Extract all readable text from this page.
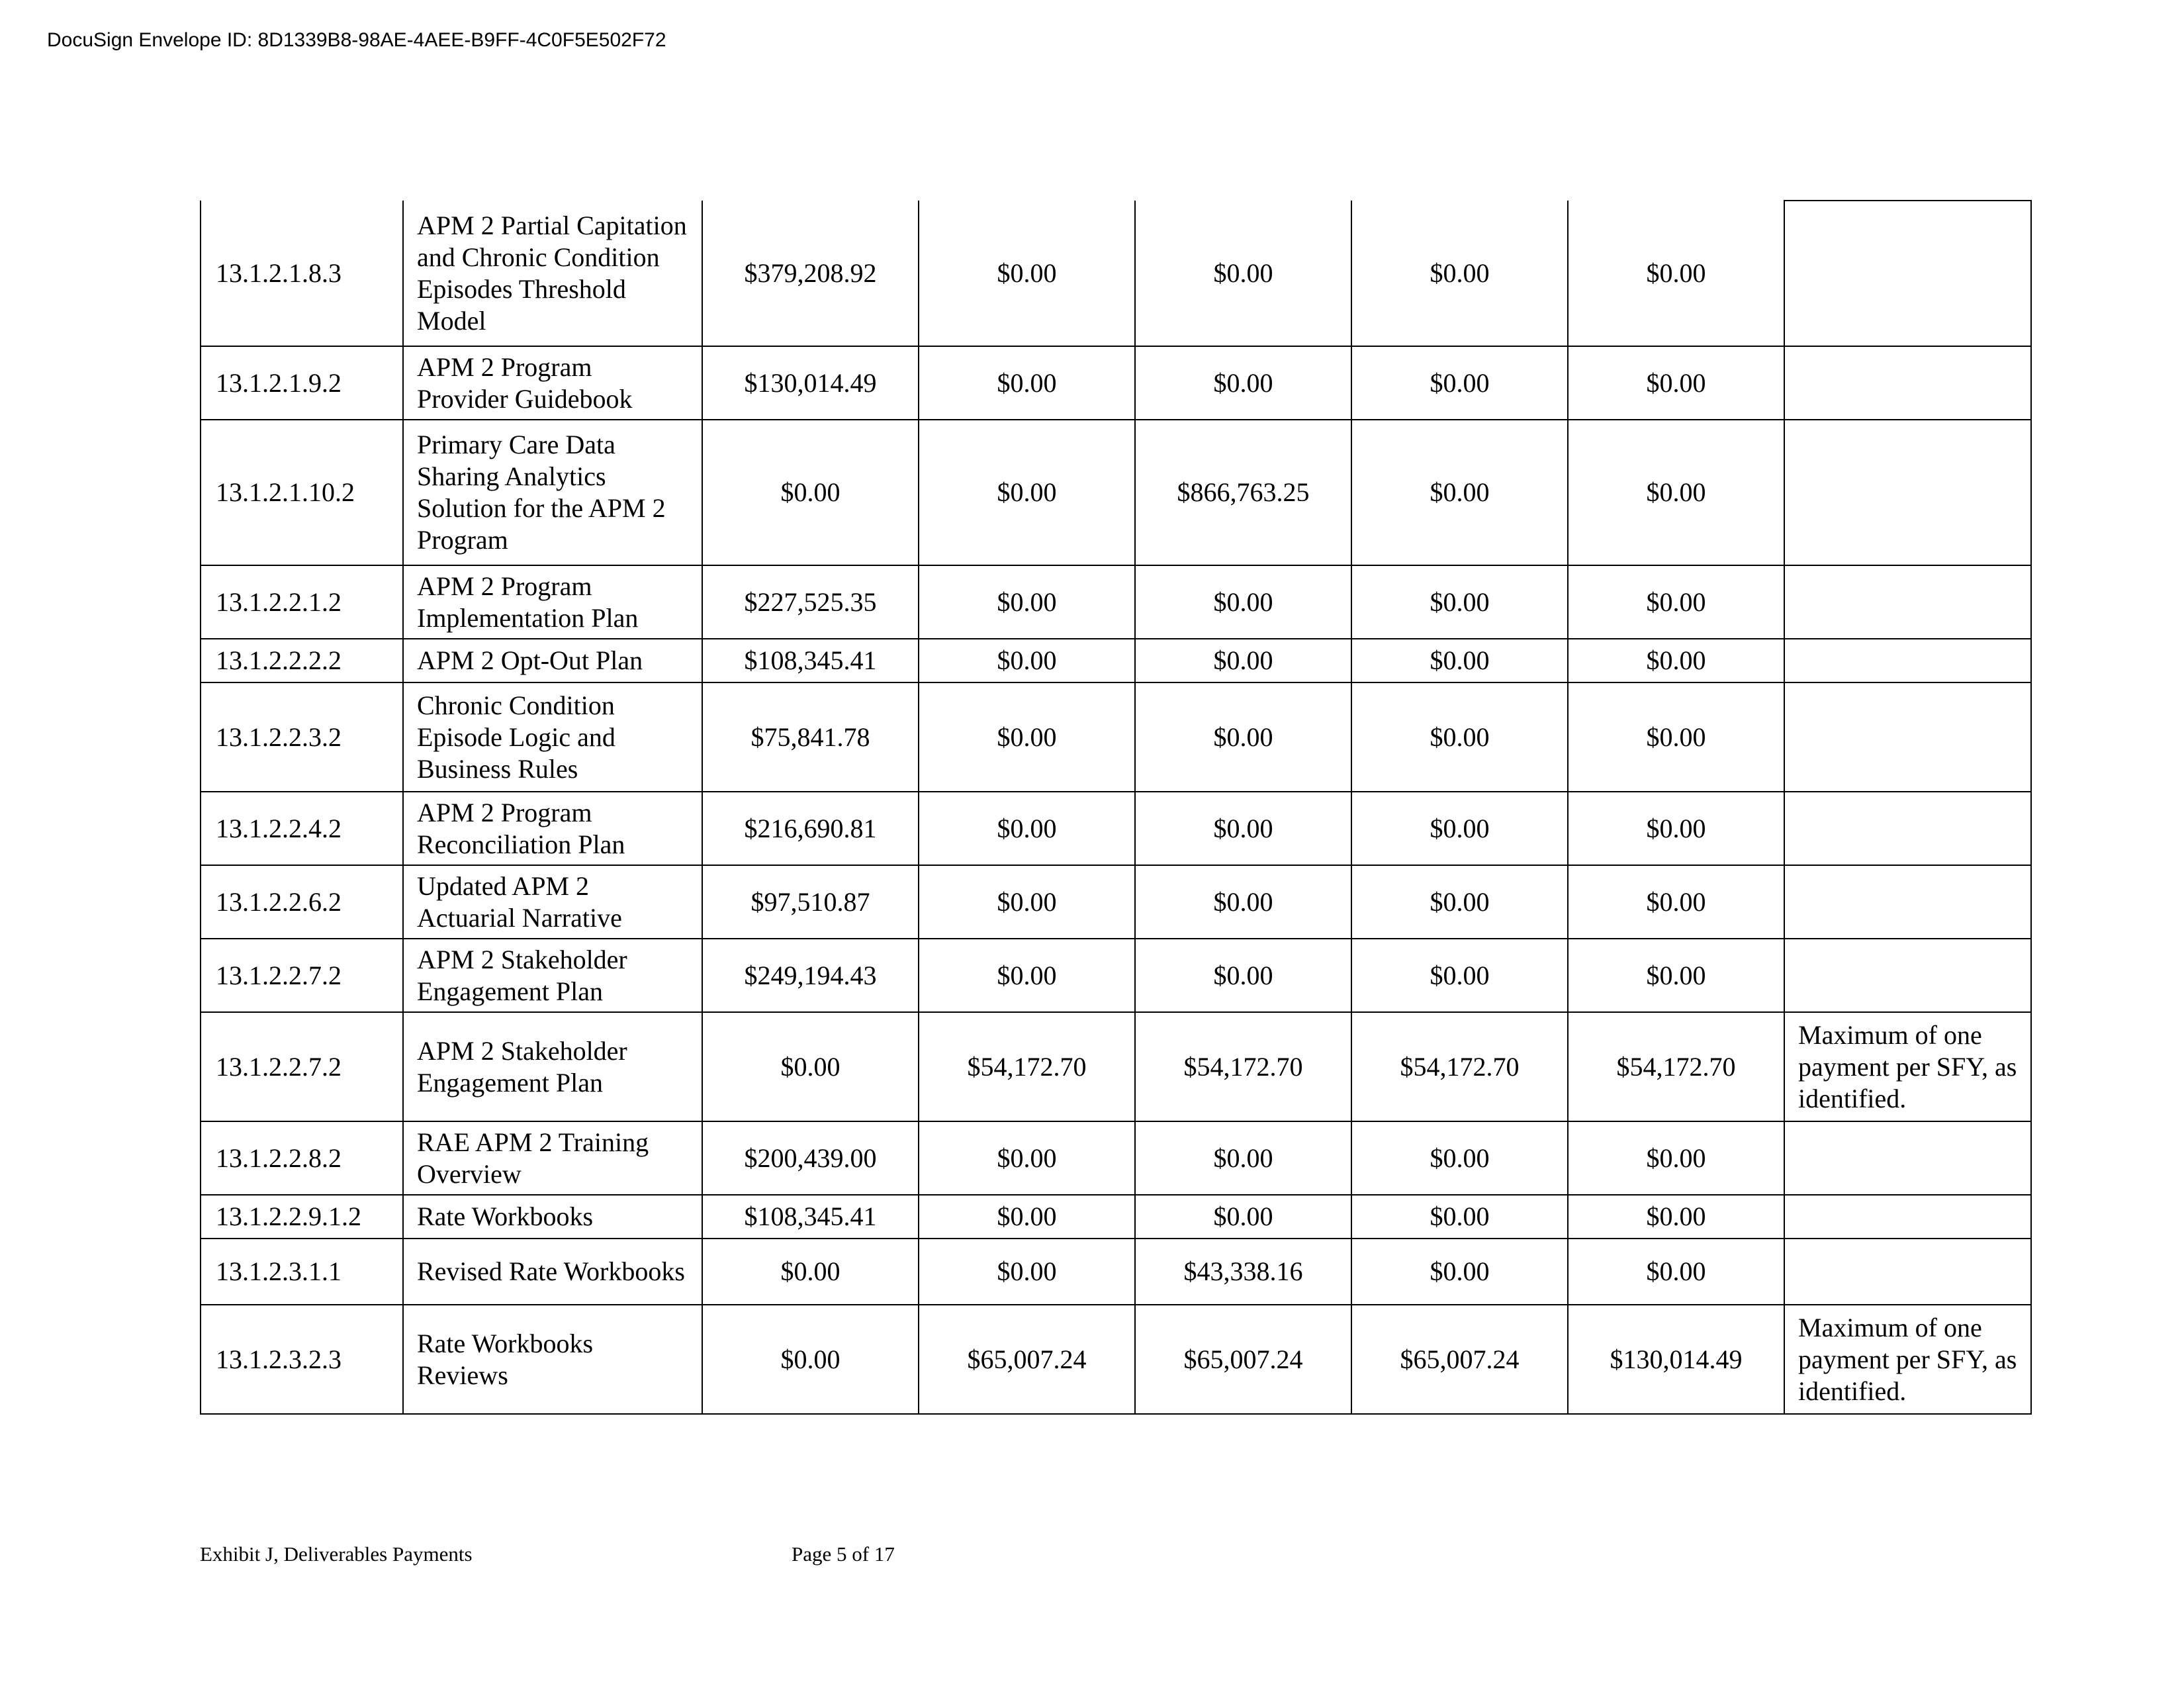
DocuSign Envelope ID: 8D1339B8-98AE-4AEE-B9FF-4C0F5E502F72
13.1.2.1.8.3	APM 2 Partial Capitation and Chronic Condition Episodes Threshold Model	$379,208.92	$0.00	$0.00	$0.00	$0.00	
13.1.2.1.9.2	APM 2 Program Provider Guidebook	$130,014.49	$0.00	$0.00	$0.00	$0.00	
13.1.2.1.10.2	Primary Care Data Sharing Analytics Solution for the APM 2 Program	$0.00	$0.00	$866,763.25	$0.00	$0.00	
13.1.2.2.1.2	APM 2 Program Implementation Plan	$227,525.35	$0.00	$0.00	$0.00	$0.00	
13.1.2.2.2.2	APM 2 Opt-Out Plan	$108,345.41	$0.00	$0.00	$0.00	$0.00	
13.1.2.2.3.2	Chronic Condition Episode Logic and Business Rules	$75,841.78	$0.00	$0.00	$0.00	$0.00	
13.1.2.2.4.2	APM 2 Program Reconciliation Plan	$216,690.81	$0.00	$0.00	$0.00	$0.00	
13.1.2.2.6.2	Updated APM 2 Actuarial Narrative	$97,510.87	$0.00	$0.00	$0.00	$0.00	
13.1.2.2.7.2	APM 2 Stakeholder Engagement Plan	$249,194.43	$0.00	$0.00	$0.00	$0.00	
13.1.2.2.7.2	APM 2 Stakeholder Engagement Plan	$0.00	$54,172.70	$54,172.70	$54,172.70	$54,172.70	Maximum of one payment per SFY, as identified.
13.1.2.2.8.2	RAE APM 2 Training Overview	$200,439.00	$0.00	$0.00	$0.00	$0.00	
13.1.2.2.9.1.2	Rate Workbooks	$108,345.41	$0.00	$0.00	$0.00	$0.00	
13.1.2.3.1.1	Revised Rate Workbooks	$0.00	$0.00	$43,338.16	$0.00	$0.00	
13.1.2.3.2.3	Rate Workbooks Reviews	$0.00	$65,007.24	$65,007.24	$65,007.24	$130,014.49	Maximum of one payment per SFY, as identified.
Exhibit J, Deliverables Payments	Page 5 of 17
